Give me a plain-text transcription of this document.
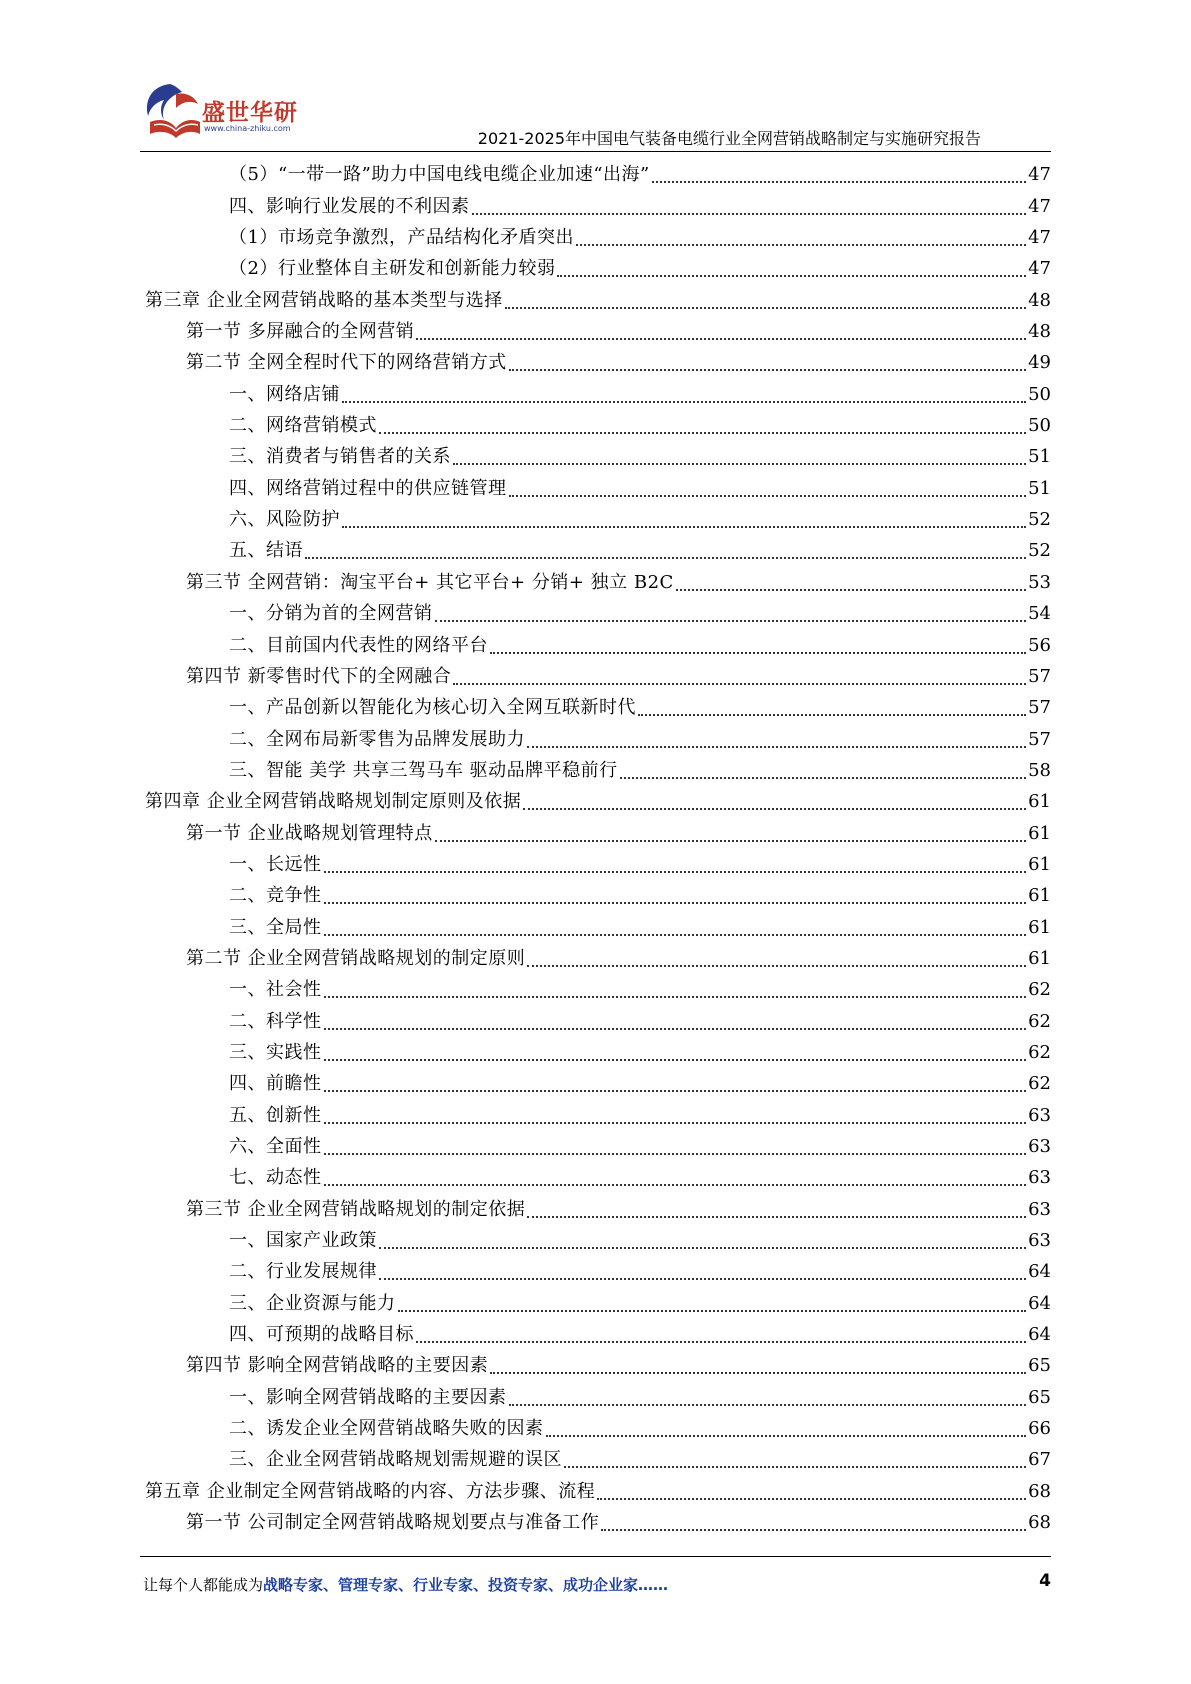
盛世华研
www.china-zhiku.com
2021-2025年中国电气装备电缆行业全网营销战略制定与实施研究报告
（5）“一带一路”助力中国电线电缆企业加速“出海”	47
四、影响行业发展的不利因素	47
（1）市场竞争激烈，产品结构化矛盾突出	47
（2）行业整体自主研发和创新能力较弱	47
第三章 企业全网营销战略的基本类型与选择	48
第一节 多屏融合的全网营销	48
第二节 全网全程时代下的网络营销方式	49
一、网络店铺	50
二、网络营销模式	50
三、消费者与销售者的关系	51
四、网络营销过程中的供应链管理	51
六、风险防护	52
五、结语	52
第三节 全网营销：淘宝平台+ 其它平台+ 分销+ 独立 B2C	53
一、分销为首的全网营销	54
二、目前国内代表性的网络平台	56
第四节 新零售时代下的全网融合	57
一、产品创新以智能化为核心切入全网互联新时代	57
二、全网布局新零售为品牌发展助力	57
三、智能 美学 共享三驾马车 驱动品牌平稳前行	58
第四章 企业全网营销战略规划制定原则及依据	61
第一节 企业战略规划管理特点	61
一、长远性	61
二、竞争性	61
三、全局性	61
第二节 企业全网营销战略规划的制定原则	61
一、社会性	62
二、科学性	62
三、实践性	62
四、前瞻性	62
五、创新性	63
六、全面性	63
七、动态性	63
第三节 企业全网营销战略规划的制定依据	63
一、国家产业政策	63
二、行业发展规律	64
三、企业资源与能力	64
四、可预期的战略目标	64
第四节 影响全网营销战略的主要因素	65
一、影响全网营销战略的主要因素	65
二、诱发企业全网营销战略失败的因素	66
三、企业全网营销战略规划需规避的误区	67
第五章 企业制定全网营销战略的内容、方法步骤、流程	68
第一节 公司制定全网营销战略规划要点与准备工作	68
让每个人都能成为战略专家、管理专家、行业专家、投资专家、成功企业家……	4
